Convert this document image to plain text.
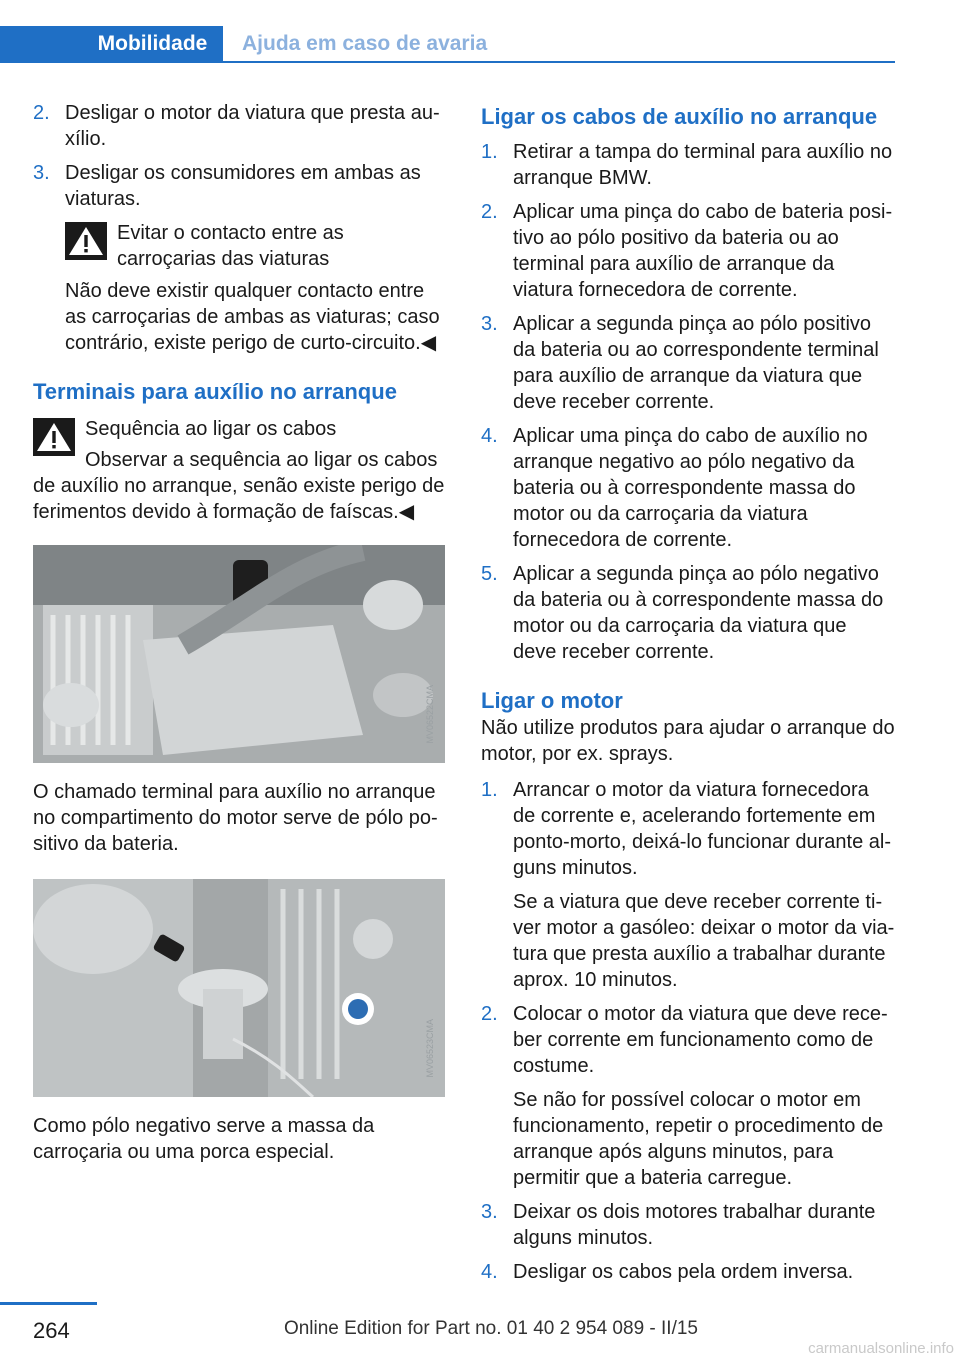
Mobilidade	Ajuda em caso de avaria
2. Desligar o motor da viatura que presta auxílio.
3. Desligar os consumidores em ambas as viaturas.
Evitar o contacto entre as carroçarias das viaturas
Não deve existir qualquer contacto entre as carroçarias de ambas as viaturas; caso contrário, existe perigo de curto-circuito.◀
Terminais para auxílio no arranque
Sequência ao ligar os cabos
Observar a sequência ao ligar os cabos
de auxílio no arranque, senão existe perigo de ferimentos devido à formação de faíscas.◀
MV06522CMA
O chamado terminal para auxílio no arranque no compartimento do motor serve de pólo positivo da bateria.
MV06523CMA
Como pólo negativo serve a massa da carroçaria ou uma porca especial.
Ligar os cabos de auxílio no arranque
1. Retirar a tampa do terminal para auxílio no arranque BMW.
2. Aplicar uma pinça do cabo de bateria positivo ao pólo positivo da bateria ou ao terminal para auxílio de arranque da viatura fornecedora de corrente.
3. Aplicar a segunda pinça ao pólo positivo da bateria ou ao correspondente terminal para auxílio de arranque da viatura que deve receber corrente.
4. Aplicar uma pinça do cabo de auxílio no arranque negativo ao pólo negativo da bateria ou à correspondente massa do motor ou da carroçaria da viatura fornecedora de corrente.
5. Aplicar a segunda pinça ao pólo negativo da bateria ou à correspondente massa do motor ou da carroçaria da viatura que deve receber corrente.
Ligar o motor
Não utilize produtos para ajudar o arranque do motor, por ex. sprays.
1. Arrancar o motor da viatura fornecedora de corrente e, acelerando fortemente em ponto-morto, deixá-lo funcionar durante alguns minutos.
Se a viatura que deve receber corrente tiver motor a gasóleo: deixar o motor da viatura que presta auxílio a trabalhar durante aprox. 10 minutos.
2. Colocar o motor da viatura que deve receber corrente em funcionamento como de costume.
Se não for possível colocar o motor em funcionamento, repetir o procedimento de arranque após alguns minutos, para permitir que a bateria carregue.
3. Deixar os dois motores trabalhar durante alguns minutos.
4. Desligar os cabos pela ordem inversa.
264	Online Edition for Part no. 01 40 2 954 089 - II/15
carmanualsonline.info
